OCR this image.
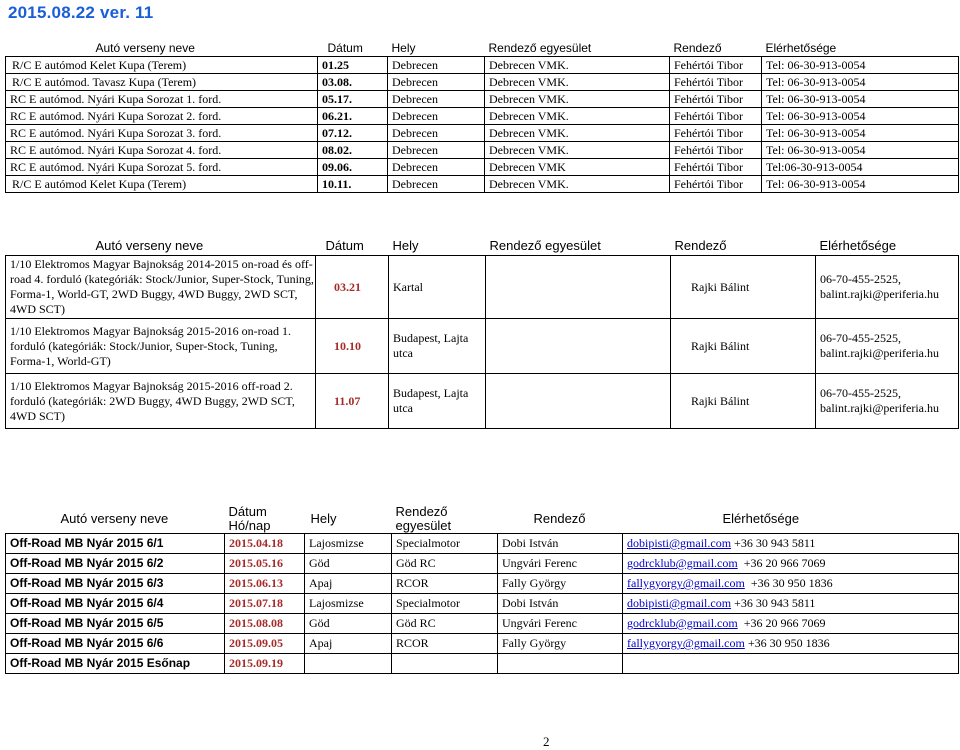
2015.08.22 ver. 11
Autó verseny neve	Dátum	Hely	Rendező egyesület	Rendező	Elérhetősége
R/C E autómod Kelet Kupa (Terem)	01.25	Debrecen	Debrecen VMK.	Fehértói Tibor	Tel: 06-30-913-0054
R/C E autómod. Tavasz Kupa (Terem)	03.08.	Debrecen	Debrecen VMK.	Fehértói Tibor	Tel: 06-30-913-0054
RC E autómod. Nyári Kupa Sorozat 1. ford.	05.17.	Debrecen	Debrecen VMK.	Fehértói Tibor	Tel: 06-30-913-0054
RC E autómod. Nyári Kupa Sorozat 2. ford.	06.21.	Debrecen	Debrecen VMK.	Fehértói Tibor	Tel: 06-30-913-0054
RC E autómod. Nyári Kupa Sorozat 3. ford.	07.12.	Debrecen	Debrecen VMK.	Fehértói Tibor	Tel: 06-30-913-0054
RC E autómod. Nyári Kupa Sorozat 4. ford.	08.02.	Debrecen	Debrecen VMK.	Fehértói Tibor	Tel: 06-30-913-0054
RC E autómod. Nyári Kupa Sorozat 5. ford.	09.06.	Debrecen	Debrecen VMK	Fehértói Tibor	Tel:06-30-913-0054
R/C E autómod Kelet Kupa (Terem)	10.11.	Debrecen	Debrecen VMK.	Fehértói Tibor	Tel: 06-30-913-0054
Autó verseny neve	Dátum	Hely	Rendező egyesület	Rendező	Elérhetősége
1/10 Elektromos Magyar Bajnokság 2014-2015 on-road és off-road 4. forduló (kategóriák: Stock/Junior, Super-Stock, Tuning, Forma-1, World-GT, 2WD Buggy, 4WD Buggy, 2WD SCT, 4WD SCT)	03.21	Kartal		Rajki Bálint	06-70-455-2525, balint.rajki@periferia.hu
1/10 Elektromos Magyar Bajnokság 2015-2016 on-road 1. forduló (kategóriák: Stock/Junior, Super-Stock, Tuning, Forma-1, World-GT)	10.10	Budapest, Lajta utca		Rajki Bálint	06-70-455-2525, balint.rajki@periferia.hu
1/10 Elektromos Magyar Bajnokság 2015-2016 off-road 2. forduló (kategóriák: 2WD Buggy, 4WD Buggy, 2WD SCT, 4WD SCT)	11.07	Budapest, Lajta utca		Rajki Bálint	06-70-455-2525, balint.rajki@periferia.hu
Autó verseny neve	Dátum Hó/nap	Hely	Rendező egyesület	Rendező	Elérhetősége
Off-Road MB Nyár 2015 6/1	2015.04.18	Lajosmizse	Specialmotor	Dobi István	dobipisti@gmail.com +36 30 943 5811
Off-Road MB Nyár 2015 6/2	2015.05.16	Göd	Göd RC	Ungvári Ferenc	godrcklub@gmail.com  +36 20 966 7069
Off-Road MB Nyár 2015 6/3	2015.06.13	Apaj	RCOR	Fally György	fallygyorgy@gmail.com  +36 30 950 1836
Off-Road MB Nyár 2015 6/4	2015.07.18	Lajosmizse	Specialmotor	Dobi István	dobipisti@gmail.com +36 30 943 5811
Off-Road MB Nyár 2015 6/5	2015.08.08	Göd	Göd RC	Ungvári Ferenc	godrcklub@gmail.com  +36 20 966 7069
Off-Road MB Nyár 2015 6/6	2015.09.05	Apaj	RCOR	Fally György	fallygyorgy@gmail.com +36 30 950 1836
Off-Road MB Nyár 2015 Esőnap	2015.09.19				
2
